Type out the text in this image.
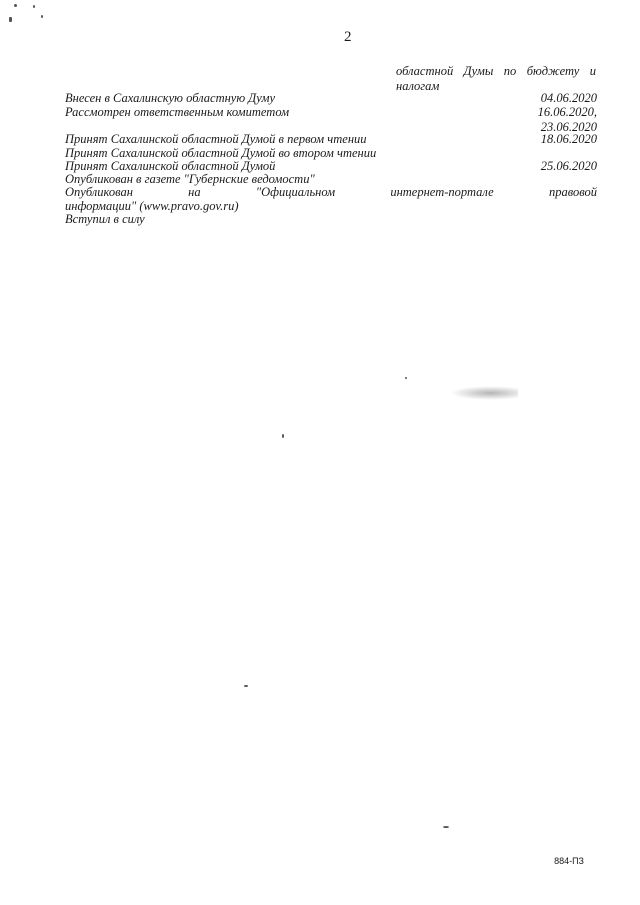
2
областной Думы по бюджету и
налогам
Внесен в Сахалинскую областную Думу	04.06.2020
Рассмотрен ответственным комитетом	16.06.2020,
23.06.2020
Принят Сахалинской областной Думой в первом чтении	18.06.2020
Принят Сахалинской областной Думой во втором чтении
Принят Сахалинской областной Думой	25.06.2020
Опубликован в газете "Губернские ведомости"
Опубликован	на	"Официальном	интернет-портале	правовой
информации" (www.pravo.gov.ru)
Вступил в силу
884-ПЗ
